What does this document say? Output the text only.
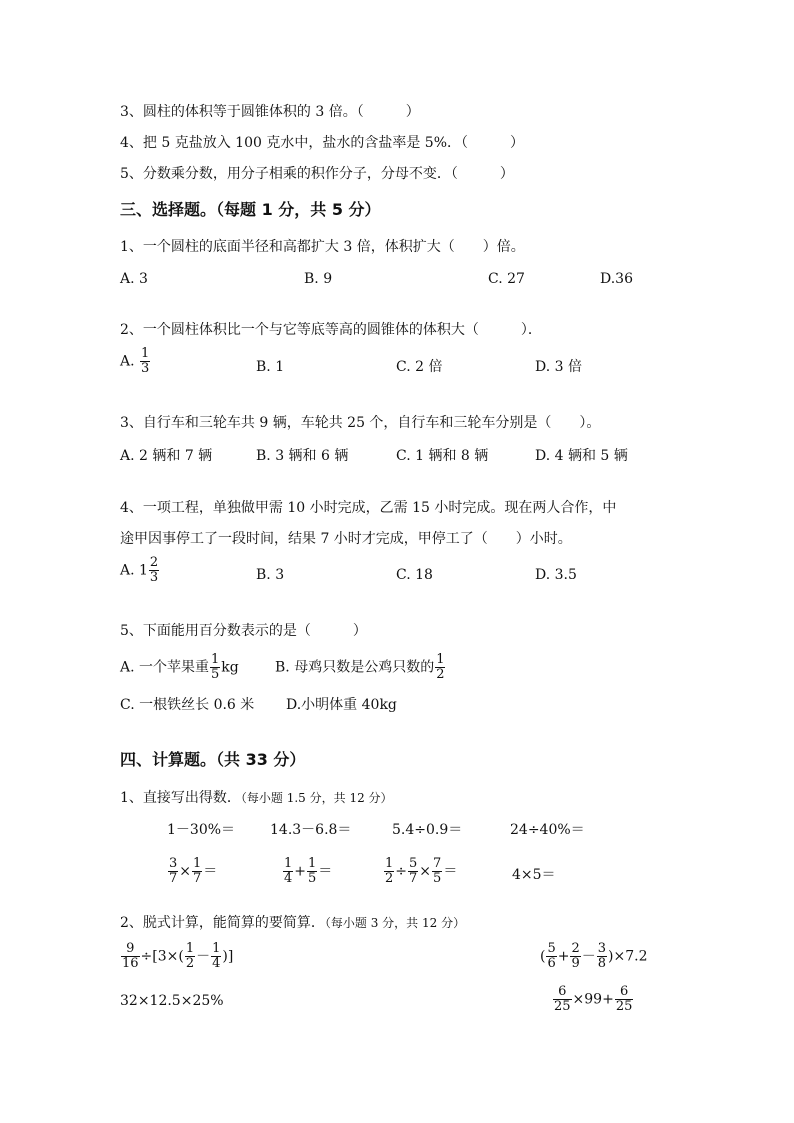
3、圆柱的体积等于圆锥体积的 3 倍。（　　　）
4、把 5 克盐放入 100 克水中，盐水的含盐率是 5%．（　　　）
5、分数乘分数，用分子相乘的积作分子，分母不变．（　　　）
三、选择题。（每题 1 分，共 5 分）
1、一个圆柱的底面半径和高都扩大 3 倍，体积扩大（　　）倍。
A. 3	B. 9	C. 27	D.36
2、一个圆柱体积比一个与它等底等高的圆锥体的体积大（　　　）．
A. $\frac{1}{3}$	B. 1	C. 2 倍	D. 3 倍
3、自行车和三轮车共 9 辆，车轮共 25 个，自行车和三轮车分别是（　　）。
A. 2 辆和 7 辆	B. 3 辆和 6 辆	C. 1 辆和 8 辆	D. 4 辆和 5 辆
4、一项工程，单独做甲需 10 小时完成，乙需 15 小时完成。现在两人合作，中
途甲因事停工了一段时间，结果 7 小时才完成，甲停工了（　　）小时。
A. $1 \frac{2}{3}$	B. 3	C. 18	D. 3.5
5、下面能用百分数表示的是（　　　）
A. 一个苹果重 $\frac{1}{5}$ kg	B. 母鸡只数是公鸡只数的 $\frac{1}{2}$
C. 一根铁丝长 0.6 米 D.小明体重 40kg
四、计算题。（共 33 分）
1、直接写出得数．（每小题 1.5 分，共 12 分）
1－30%＝ 14.3－6.8＝	5.4÷0.9＝	24÷40%＝
$\frac{3}{7} \times \frac{1}{7}$ ＝	$\frac{1}{4} + \frac{1}{5}$ ＝	$\frac{1}{2} \div \frac{5}{7} \times \frac{7}{5}$ ＝	4×5＝
2、脱式计算，能简算的要简算．（每小题 3 分，共 12 分）
$\frac{9}{16} \div[3\times( \frac{1}{2} - \frac{1}{4}$ )]	( $\frac{5}{6} + \frac{2}{9} - \frac{3}{8} )\times 7.2$
32×12.5×25%	$\frac{6}{25} \times 99+ \frac{6}{25}$
